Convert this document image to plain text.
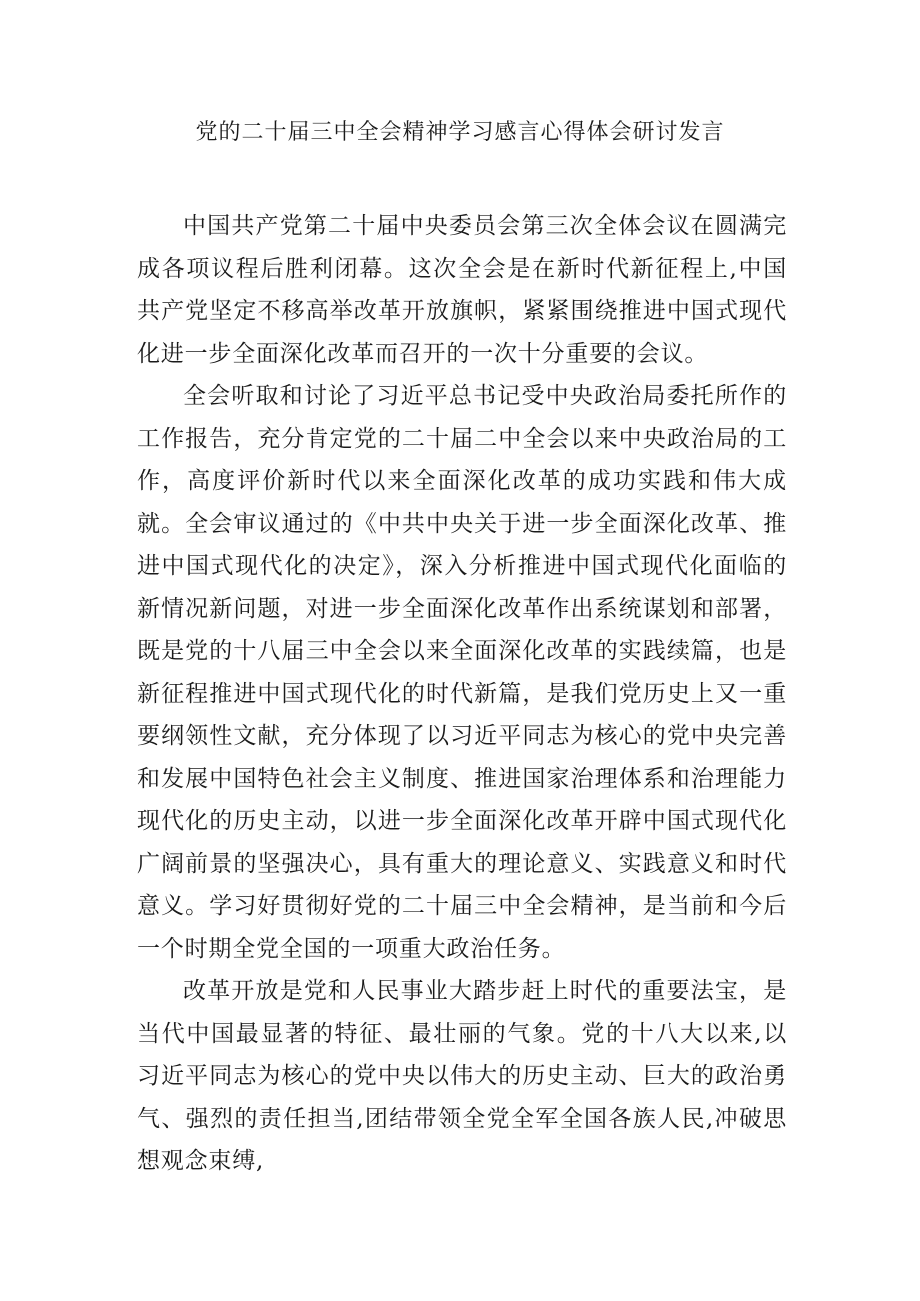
党的二十届三中全会精神学习感言心得体会研讨发言

中国共产党第二十届中央委员会第三次全体会议在圆满完成各项议程后胜利闭幕。这次全会是在新时代新征程上,中国共产党坚定不移高举改革开放旗帜，紧紧围绕推进中国式现代化进一步全面深化改革而召开的一次十分重要的会议。

全会听取和讨论了习近平总书记受中央政治局委托所作的工作报告，充分肯定党的二十届二中全会以来中央政治局的工作，高度评价新时代以来全面深化改革的成功实践和伟大成就。全会审议通过的《中共中央关于进一步全面深化改革、推进中国式现代化的决定》，深入分析推进中国式现代化面临的新情况新问题，对进一步全面深化改革作出系统谋划和部署，既是党的十八届三中全会以来全面深化改革的实践续篇，也是新征程推进中国式现代化的时代新篇，是我们党历史上又一重要纲领性文献，充分体现了以习近平同志为核心的党中央完善和发展中国特色社会主义制度、推进国家治理体系和治理能力现代化的历史主动，以进一步全面深化改革开辟中国式现代化广阔前景的坚强决心，具有重大的理论意义、实践意义和时代意义。学习好贯彻好党的二十届三中全会精神，是当前和今后一个时期全党全国的一项重大政治任务。

改革开放是党和人民事业大踏步赶上时代的重要法宝，是当代中国最显著的特征、最壮丽的气象。党的十八大以来,以习近平同志为核心的党中央以伟大的历史主动、巨大的政治勇气、强烈的责任担当,团结带领全党全军全国各族人民,冲破思想观念束缚,
